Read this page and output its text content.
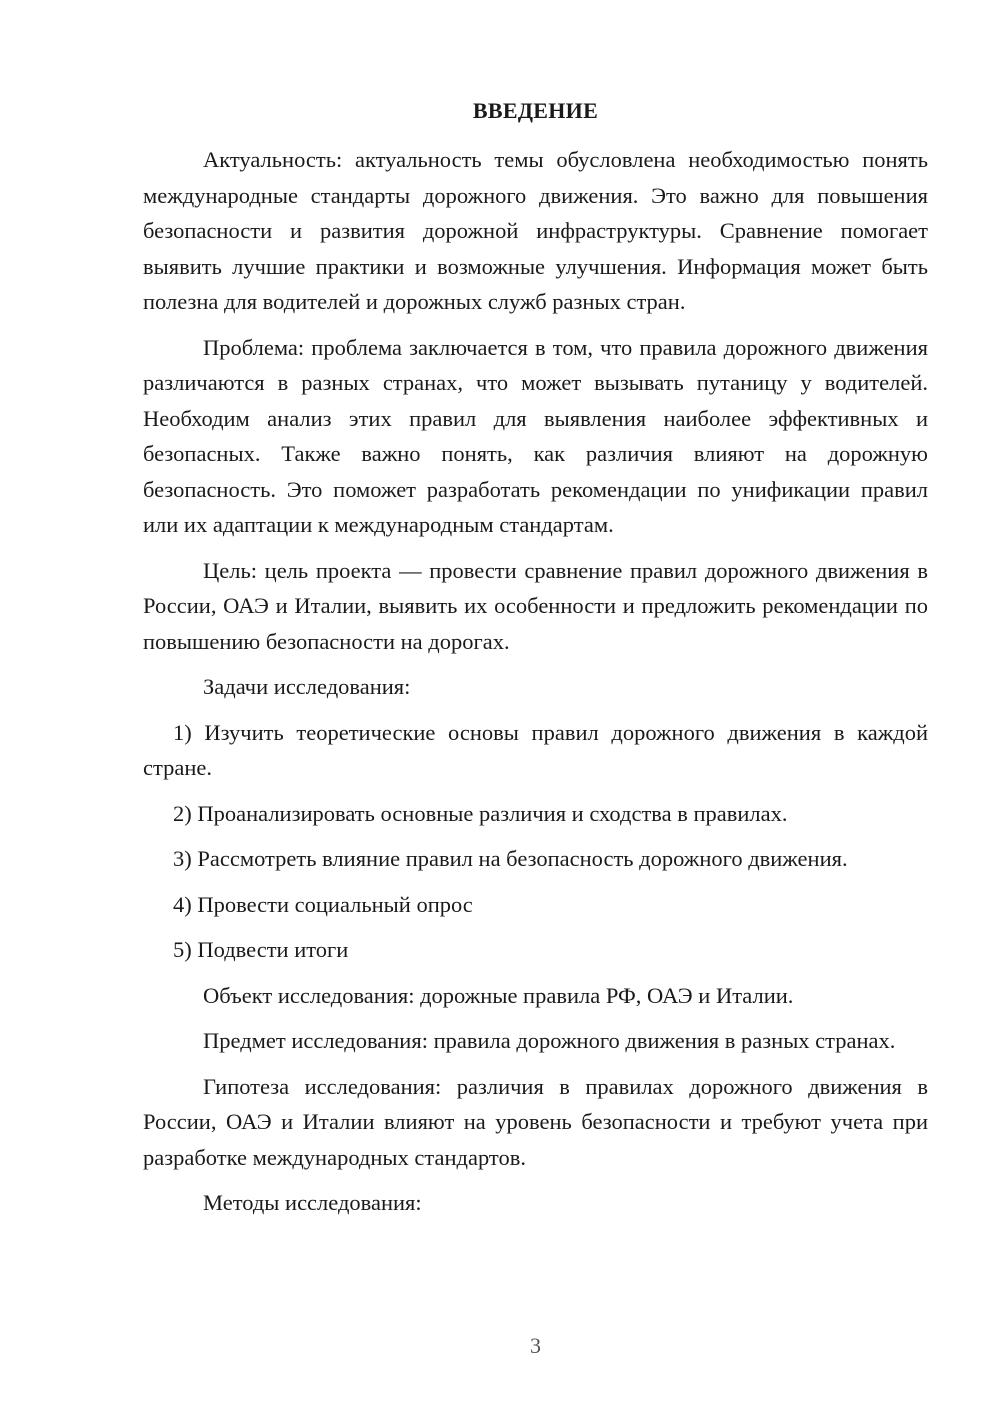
ВВЕДЕНИЕ

Актуальность: актуальность темы обусловлена необходимостью понять международные стандарты дорожного движения. Это важно для повышения безопасности и развития дорожной инфраструктуры. Сравнение помогает выявить лучшие практики и возможные улучшения. Информация может быть полезна для водителей и дорожных служб разных стран.

Проблема: проблема заключается в том, что правила дорожного движения различаются в разных странах, что может вызывать путаницу у водителей. Необходим анализ этих правил для выявления наиболее эффективных и безопасных. Также важно понять, как различия влияют на дорожную безопасность. Это поможет разработать рекомендации по унификации правил или их адаптации к международным стандартам.

Цель: цель проекта — провести сравнение правил дорожного движения в России, ОАЭ и Италии, выявить их особенности и предложить рекомендации по повышению безопасности на дорогах.

Задачи исследования:

1) Изучить теоретические основы правил дорожного движения в каждой стране.

2) Проанализировать основные различия и сходства в правилах.

3) Рассмотреть влияние правил на безопасность дорожного движения.

4) Провести социальный опрос

5) Подвести итоги

Объект исследования: дорожные правила РФ, ОАЭ и Италии.

Предмет исследования: правила дорожного движения в разных странах.

Гипотеза исследования: различия в правилах дорожного движения в России, ОАЭ и Италии влияют на уровень безопасности и требуют учета при разработке международных стандартов.

Методы исследования:

3
